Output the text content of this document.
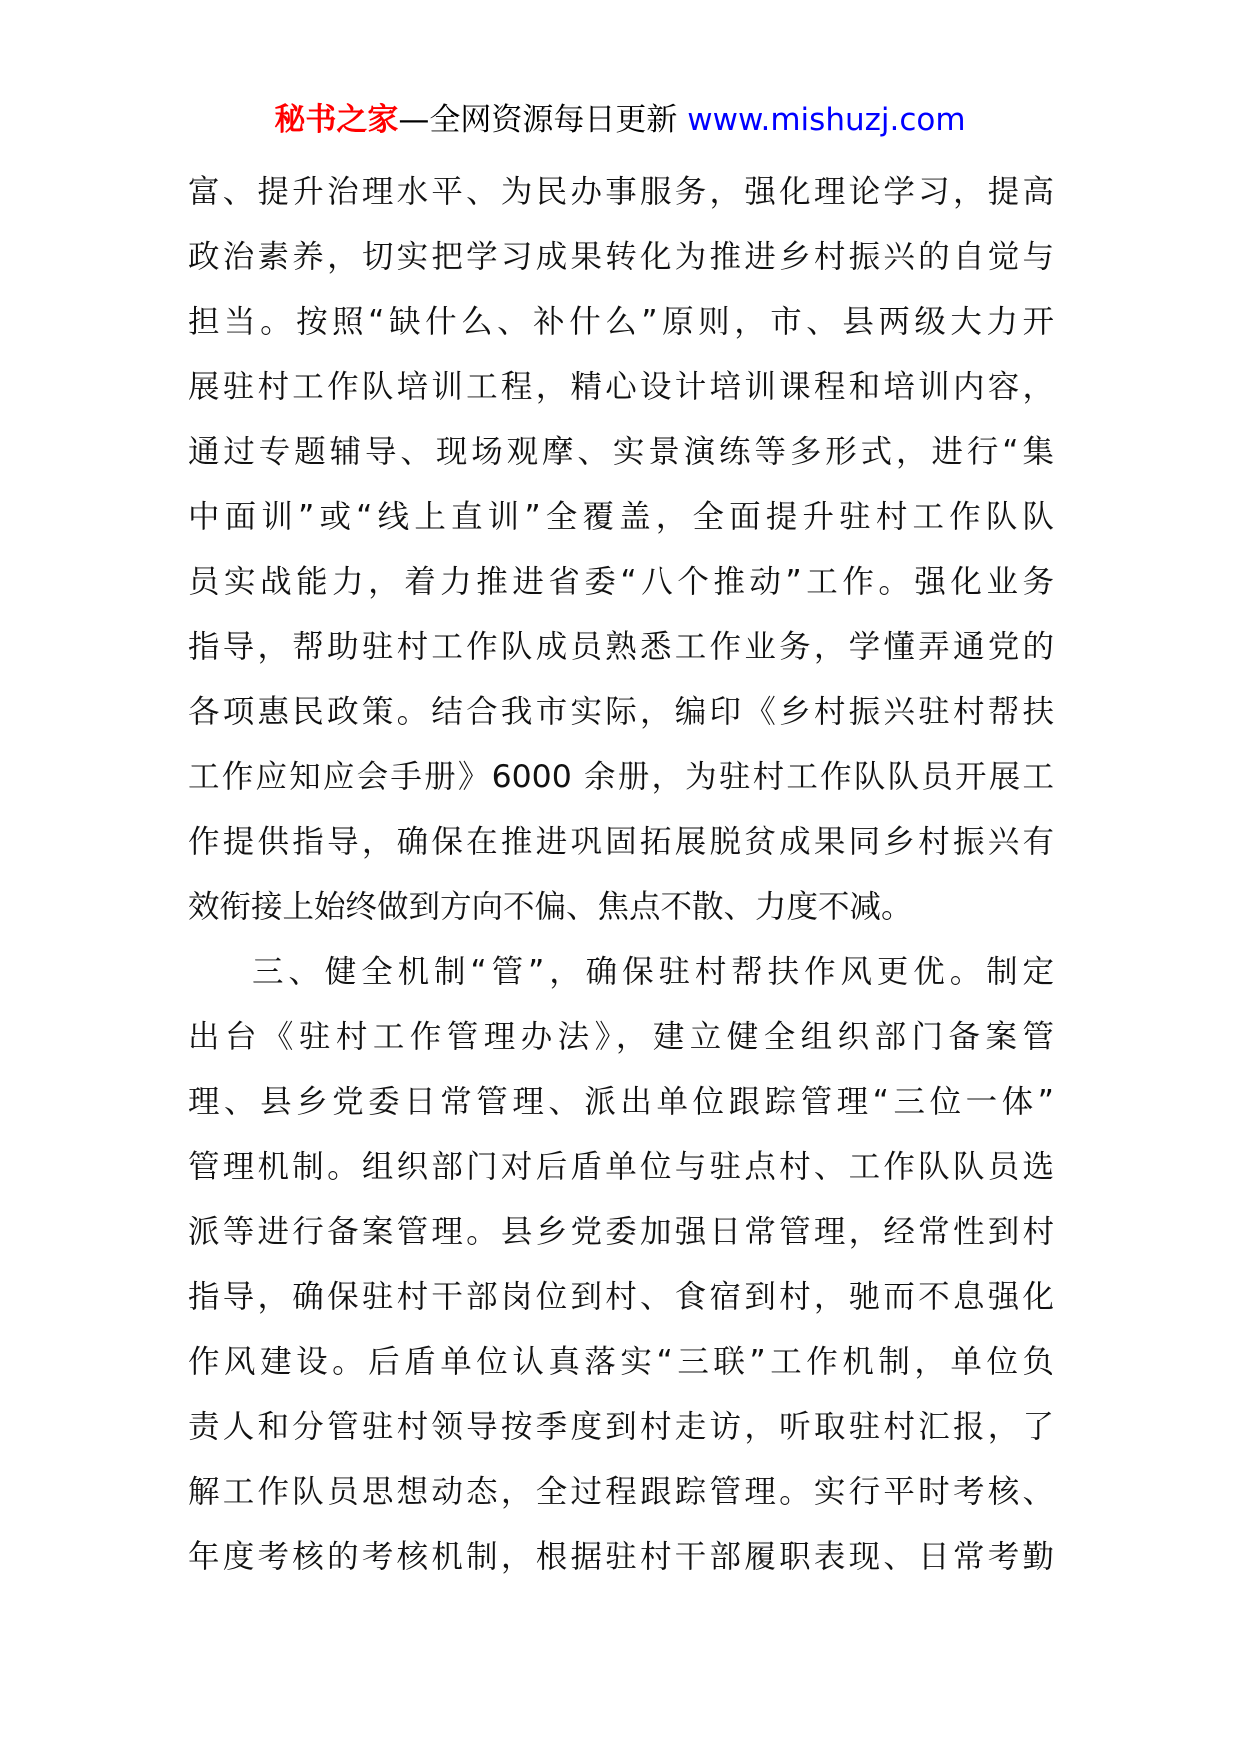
秘书之家—全网资源每日更新 www.mishuzj.com
富、提升治理水平、为民办事服务，强化理论学习，提高
政治素养，切实把学习成果转化为推进乡村振兴的自觉与
担当。按照“缺什么、补什么”原则，市、县两级大力开
展驻村工作队培训工程，精心设计培训课程和培训内容，
通过专题辅导、现场观摩、实景演练等多形式，进行“集
中面训”或“线上直训”全覆盖，全面提升驻村工作队队
员实战能力，着力推进省委“八个推动”工作。强化业务
指导，帮助驻村工作队成员熟悉工作业务，学懂弄通党的
各项惠民政策。结合我市实际，编印《乡村振兴驻村帮扶
工作应知应会手册》6000 余册，为驻村工作队队员开展工
作提供指导，确保在推进巩固拓展脱贫成果同乡村振兴有
效衔接上始终做到方向不偏、焦点不散、力度不减。
三、健全机制“管”，确保驻村帮扶作风更优。制定
出台《驻村工作管理办法》，建立健全组织部门备案管
理、县乡党委日常管理、派出单位跟踪管理“三位一体”
管理机制。组织部门对后盾单位与驻点村、工作队队员选
派等进行备案管理。县乡党委加强日常管理，经常性到村
指导，确保驻村干部岗位到村、食宿到村，驰而不息强化
作风建设。后盾单位认真落实“三联”工作机制，单位负
责人和分管驻村领导按季度到村走访，听取驻村汇报，了
解工作队员思想动态，全过程跟踪管理。实行平时考核、
年度考核的考核机制，根据驻村干部履职表现、日常考勤
